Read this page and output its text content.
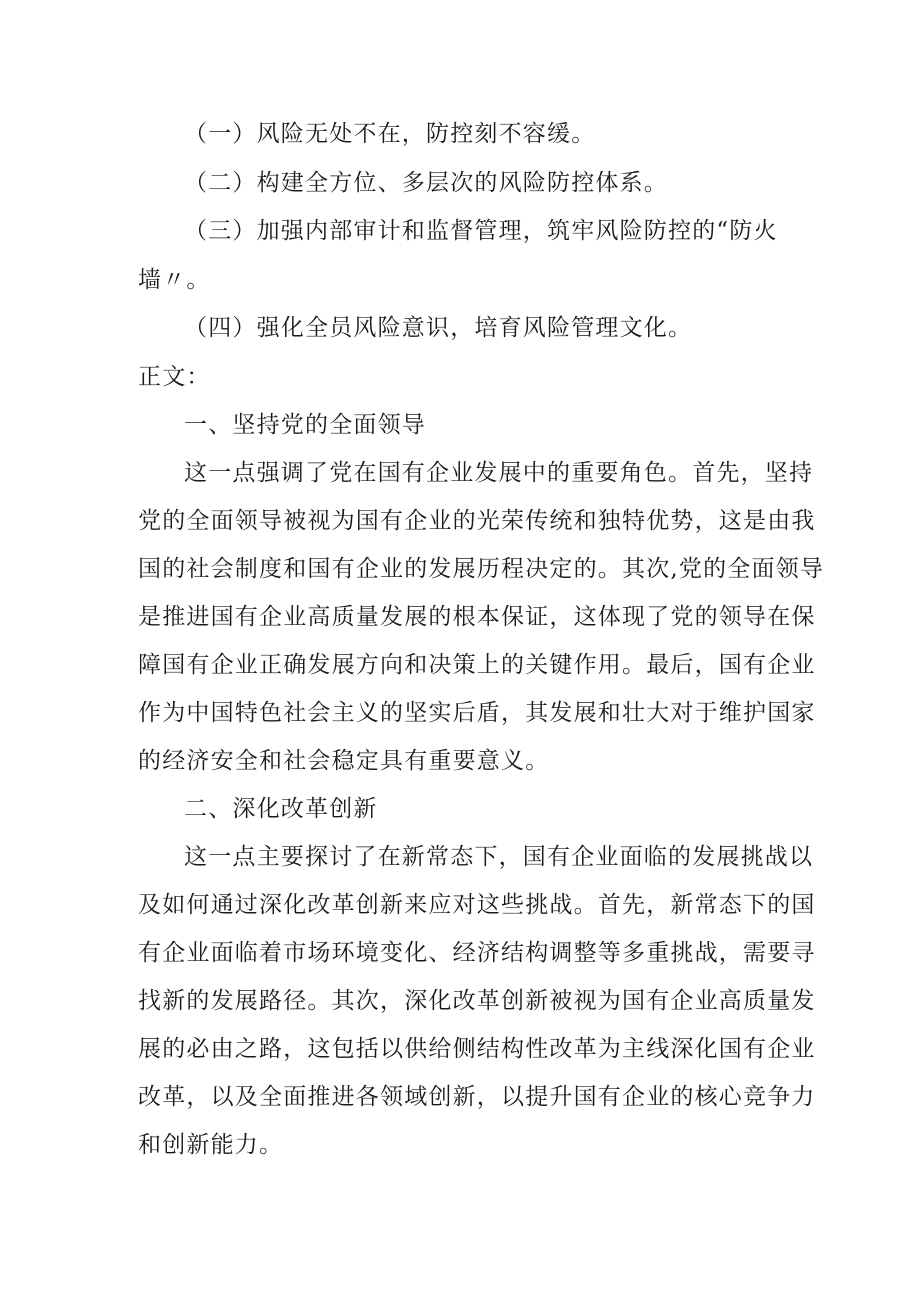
（一）风险无处不在，防控刻不容缓。

（二）构建全方位、多层次的风险防控体系。

（三）加强内部审计和监督管理，筑牢风险防控的“防火

墙〃。

（四）强化全员风险意识，培育风险管理文化。

正文：

一、坚持党的全面领导

这一点强调了党在国有企业发展中的重要角色。首先，坚持

党的全面领导被视为国有企业的光荣传统和独特优势，这是由我

国的社会制度和国有企业的发展历程决定的。其次,党的全面领导

是推进国有企业高质量发展的根本保证，这体现了党的领导在保

障国有企业正确发展方向和决策上的关键作用。最后，国有企业

作为中国特色社会主义的坚实后盾，其发展和壮大对于维护国家

的经济安全和社会稳定具有重要意义。

二、深化改革创新

这一点主要探讨了在新常态下，国有企业面临的发展挑战以

及如何通过深化改革创新来应对这些挑战。首先，新常态下的国

有企业面临着市场环境变化、经济结构调整等多重挑战，需要寻

找新的发展路径。其次，深化改革创新被视为国有企业高质量发

展的必由之路，这包括以供给侧结构性改革为主线深化国有企业

改革，以及全面推进各领域创新，以提升国有企业的核心竞争力

和创新能力。
